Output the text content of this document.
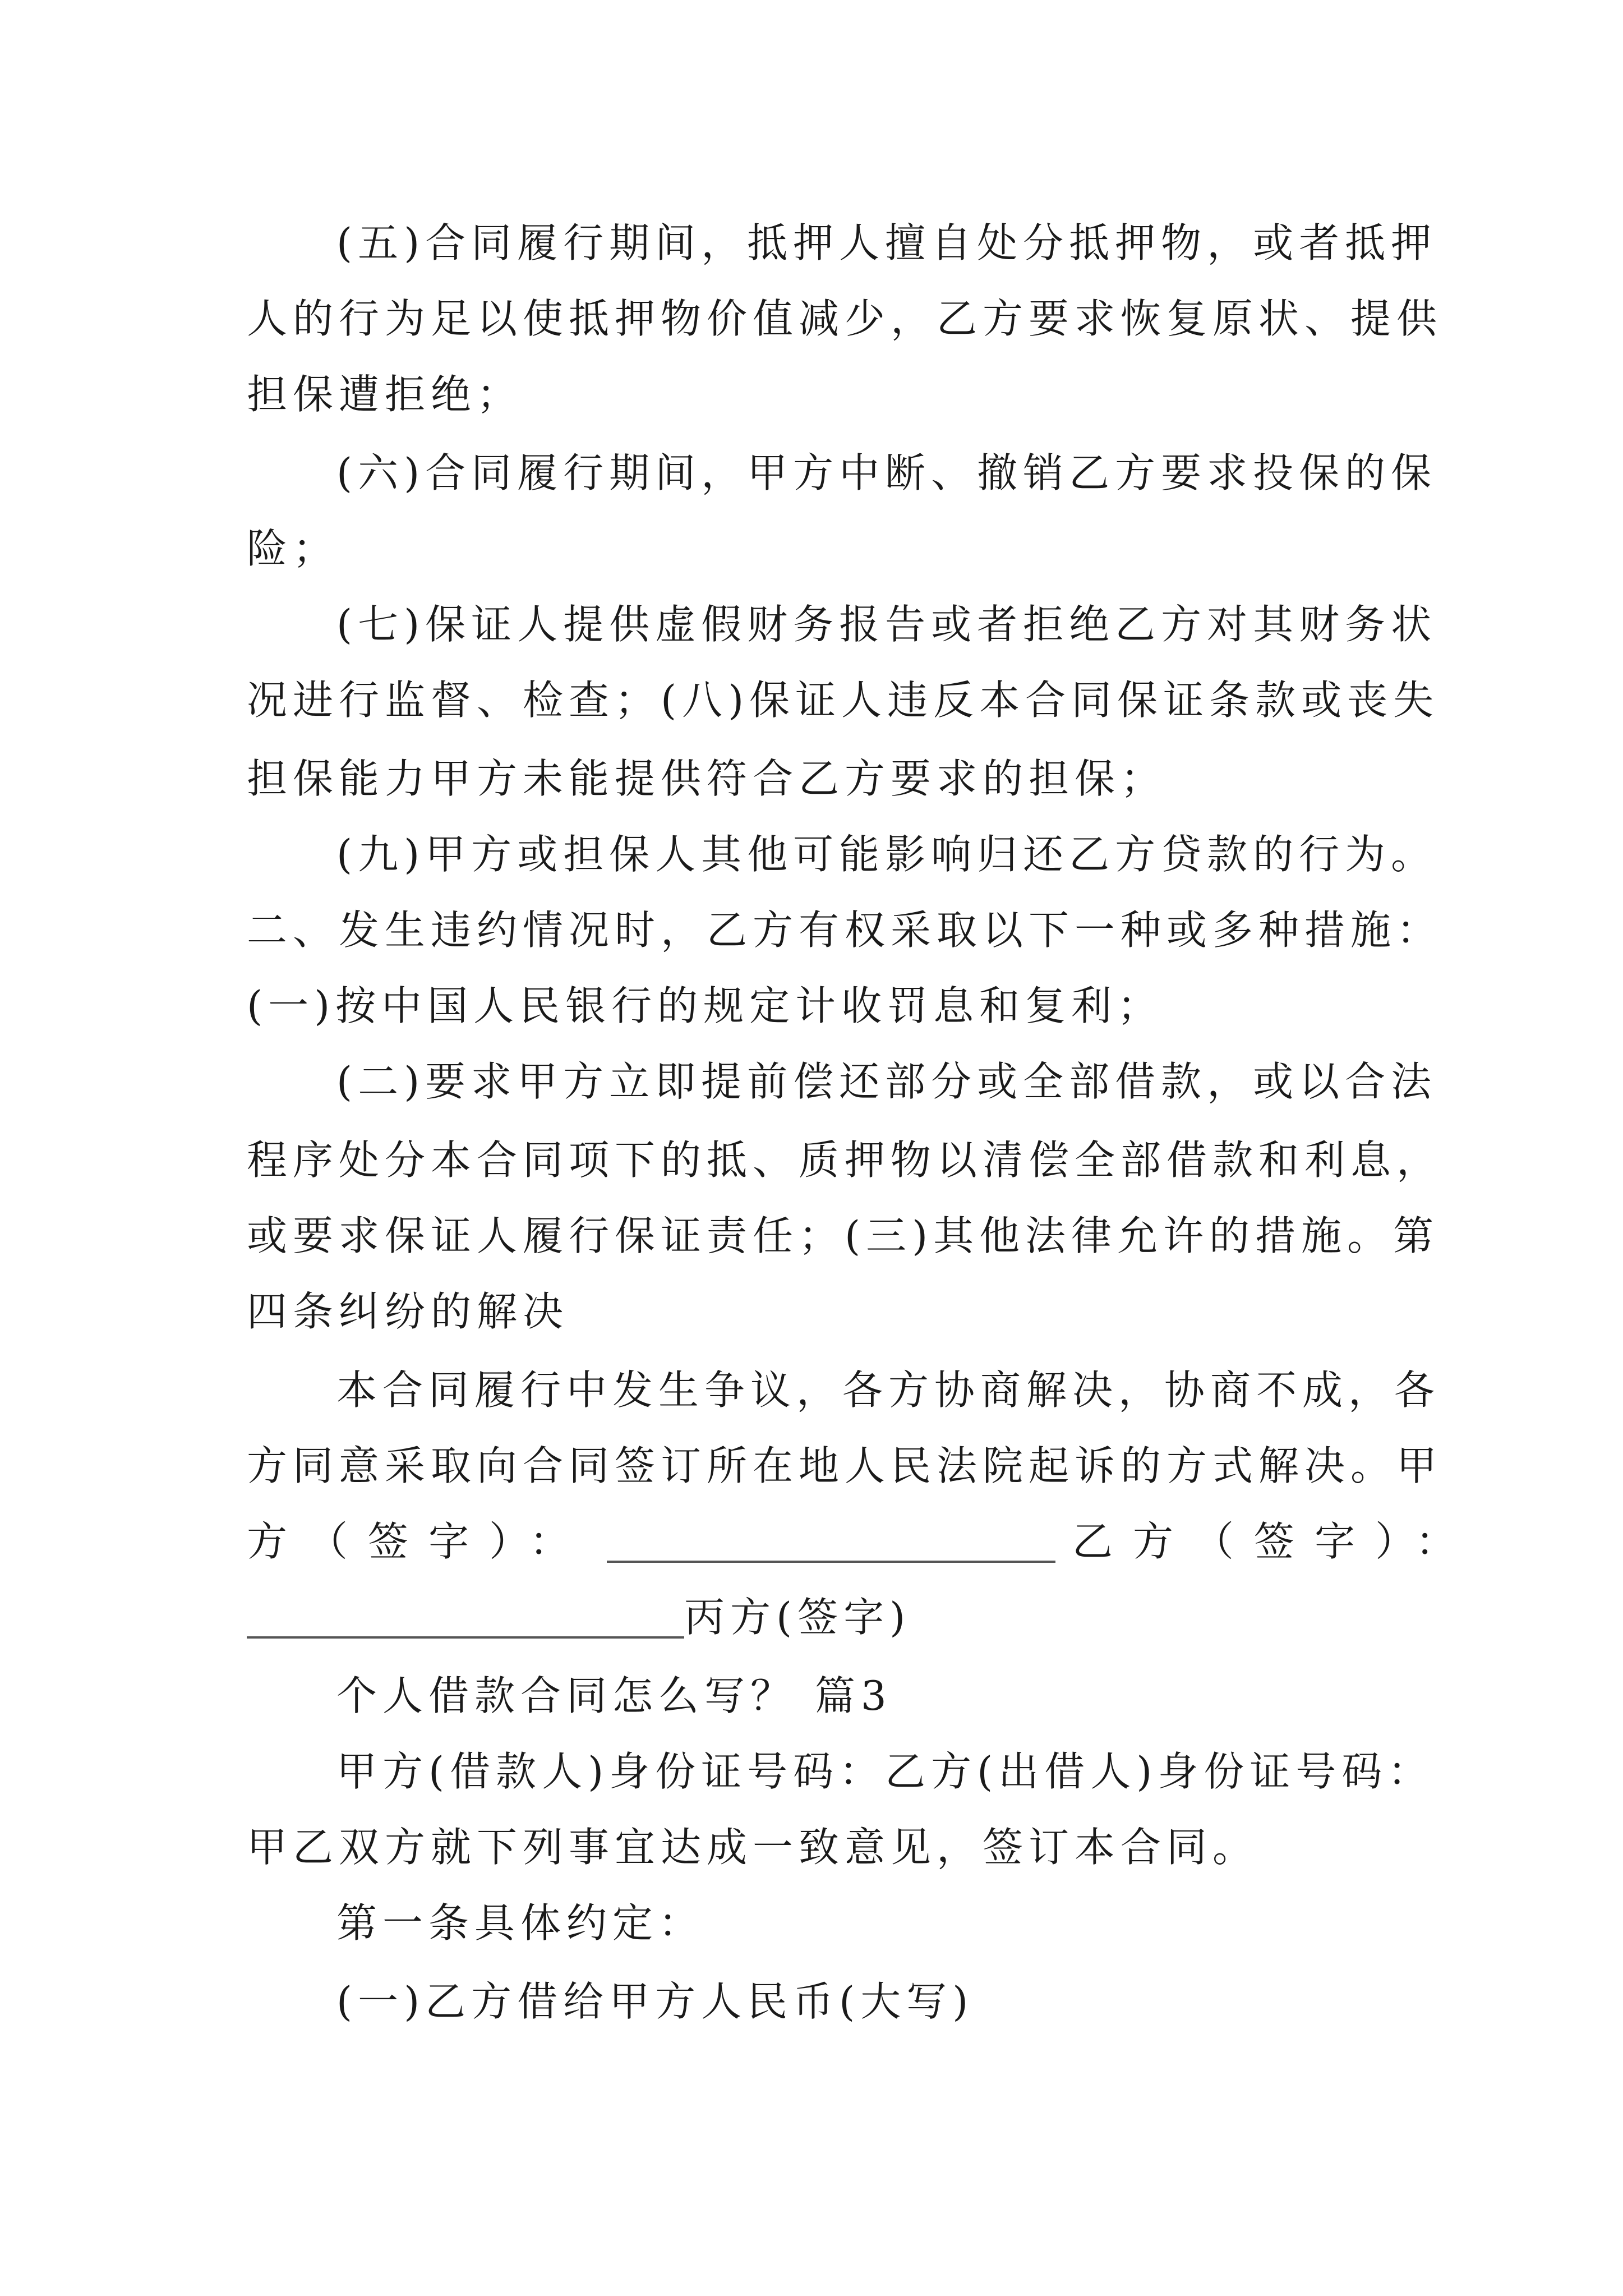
(五)合同履行期间，抵押人擅自处分抵押物，或者抵押
人的行为足以使抵押物价值减少，乙方要求恢复原状、提供
担保遭拒绝；
(六)合同履行期间，甲方中断、撤销乙方要求投保的保
险；
(七)保证人提供虚假财务报告或者拒绝乙方对其财务状
况进行监督、检查；(八)保证人违反本合同保证条款或丧失
担保能力甲方未能提供符合乙方要求的担保；
(九)甲方或担保人其他可能影响归还乙方贷款的行为。
二、发生违约情况时，乙方有权采取以下一种或多种措施：
(一)按中国人民银行的规定计收罚息和复利；
(二)要求甲方立即提前偿还部分或全部借款，或以合法
程序处分本合同项下的抵、质押物以清偿全部借款和利息，
或要求保证人履行保证责任；(三)其他法律允许的措施。第
四条纠纷的解决
本合同履行中发生争议，各方协商解决，协商不成，各
方同意采取向合同签订所在地人民法院起诉的方式解决。甲
方（签字）：	乙方（签字）：
丙方(签字)
个人借款合同怎么写？ 篇3
甲方(借款人)身份证号码：乙方(出借人)身份证号码：
甲乙双方就下列事宜达成一致意见，签订本合同。
第一条具体约定：
(一)乙方借给甲方人民币(大写)
